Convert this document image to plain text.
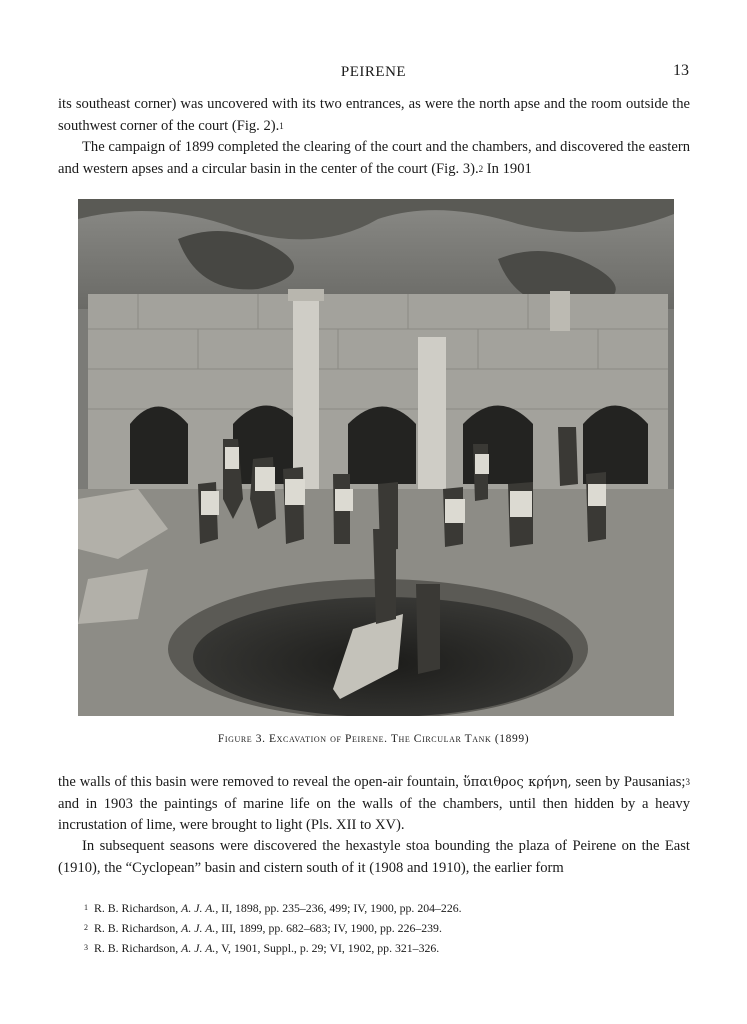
PEIRENE	13

its southeast corner) was uncovered with its two entrances, as were the north apse and the room outside the southwest corner of the court (Fig. 2).$^1$

The campaign of 1899 completed the clearing of the court and the chambers, and discovered the eastern and western apses and a circular basin in the center of the court (Fig. 3).$^2$ In 1901

Figure 3. Excavation of Peirene. The Circular Tank (1899)

the walls of this basin were removed to reveal the open-air fountain, ὕπαιθρος κρήνη, seen by Pausanias;$^3$ and in 1903 the paintings of marine life on the walls of the chambers, until then hidden by a heavy incrustation of lime, were brought to light (Pls. XII to XV).

In subsequent seasons were discovered the hexastyle stoa bounding the plaza of Peirene on the East (1910), the “Cyclopean” basin and cistern south of it (1908 and 1910), the earlier form

$^1$ R. B. Richardson, A. J. A., II, 1898, pp. 235–236, 499; IV, 1900, pp. 204–226.
$^2$ R. B. Richardson, A. J. A., III, 1899, pp. 682–683; IV, 1900, pp. 226–239.
$^3$ R. B. Richardson, A. J. A., V, 1901, Suppl., p. 29; VI, 1902, pp. 321–326.
